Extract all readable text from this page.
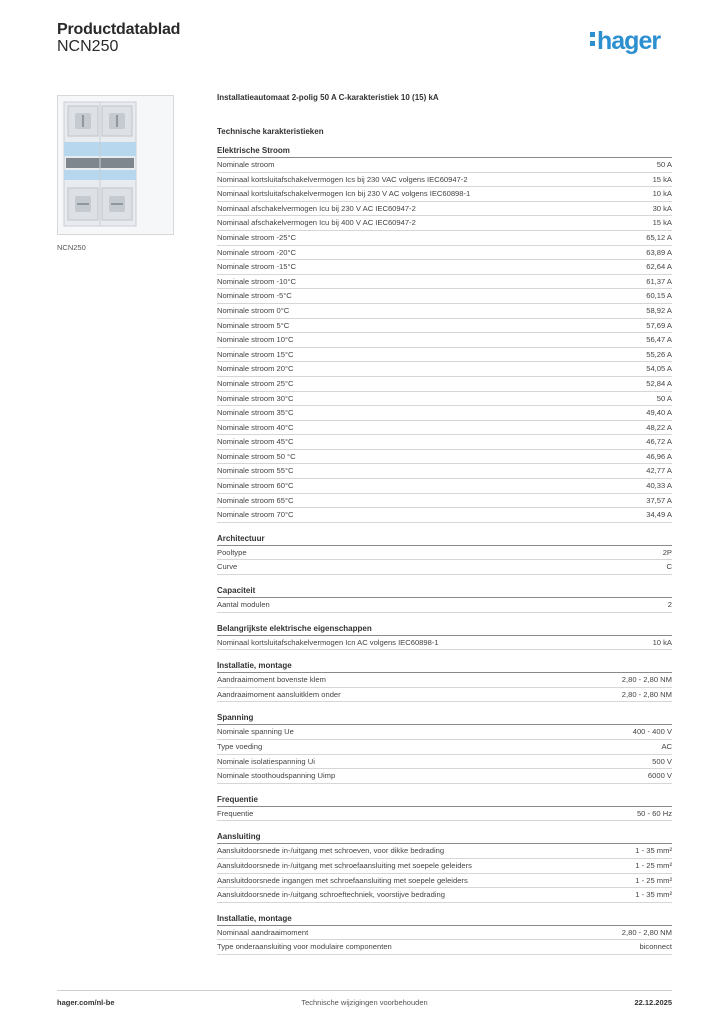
Productdatablad
NCN250	hager
NCN250
Installatieautomaat 2-polig 50 A C-karakteristiek 10 (15) kA
Technische karakteristieken
Elektrische Stroom
Nominale stroom	50 A
Nominaal kortsluitafschakelvermogen Ics bij 230 VAC volgens IEC60947-2	15 kA
Nominaal kortsluitafschakelvermogen Icn bij 230 V AC volgens IEC60898-1	10 kA
Nominaal afschakelvermogen Icu bij 230 V AC IEC60947-2	30 kA
Nominaal afschakelvermogen Icu bij 400 V AC IEC60947-2	15 kA
Nominale stroom -25°C	65,12 A
Nominale stroom -20°C	63,89 A
Nominale stroom -15°C	62,64 A
Nominale stroom -10°C	61,37 A
Nominale stroom -5°C	60,15 A
Nominale stroom 0°C	58,92 A
Nominale stroom 5°C	57,69 A
Nominale stroom 10°C	56,47 A
Nominale stroom 15°C	55,26 A
Nominale stroom 20°C	54,05 A
Nominale stroom 25°C	52,84 A
Nominale stroom 30°C	50 A
Nominale stroom 35°C	49,40 A
Nominale stroom 40°C	48,22 A
Nominale stroom 45°C	46,72 A
Nominale stroom 50 °C	46,96 A
Nominale stroom 55°C	42,77 A
Nominale stroom 60°C	40,33 A
Nominale stroom 65°C	37,57 A
Nominale stroom 70°C	34,49 A
Architectuur
Pooltype	2P
Curve	C
Capaciteit
Aantal modulen	2
Belangrijkste elektrische eigenschappen
Nominaal kortsluitafschakelvermogen Icn AC volgens IEC60898-1	10 kA
Installatie, montage
Aandraaimoment bovenste klem	2,80 - 2,80 NM
Aandraaimoment aansluitklem onder	2,80 - 2,80 NM
Spanning
Nominale spanning Ue	400 - 400 V
Type voeding	AC
Nominale isolatiespanning Ui	500 V
Nominale stoothoudspanning Uimp	6000 V
Frequentie
Frequentie	50 - 60 Hz
Aansluiting
Aansluitdoorsnede in-/uitgang met schroeven, voor dikke bedrading	1 - 35 mm²
Aansluitdoorsnede in-/uitgang met schroefaansluiting met soepele geleiders	1 - 25 mm²
Aansluitdoorsnede ingangen met schroefaansluiting met soepele geleiders	1 - 25 mm²
Aansluitdoorsnede in-/uitgang schroeftechniek, voorstijve bedrading	1 - 35 mm²
Installatie, montage
Nominaal aandraaimoment	2,80 - 2,80 NM
Type onderaansluiting voor modulaire componenten	biconnect
hager.com/nl-be	Technische wijzigingen voorbehouden	22.12.2025
